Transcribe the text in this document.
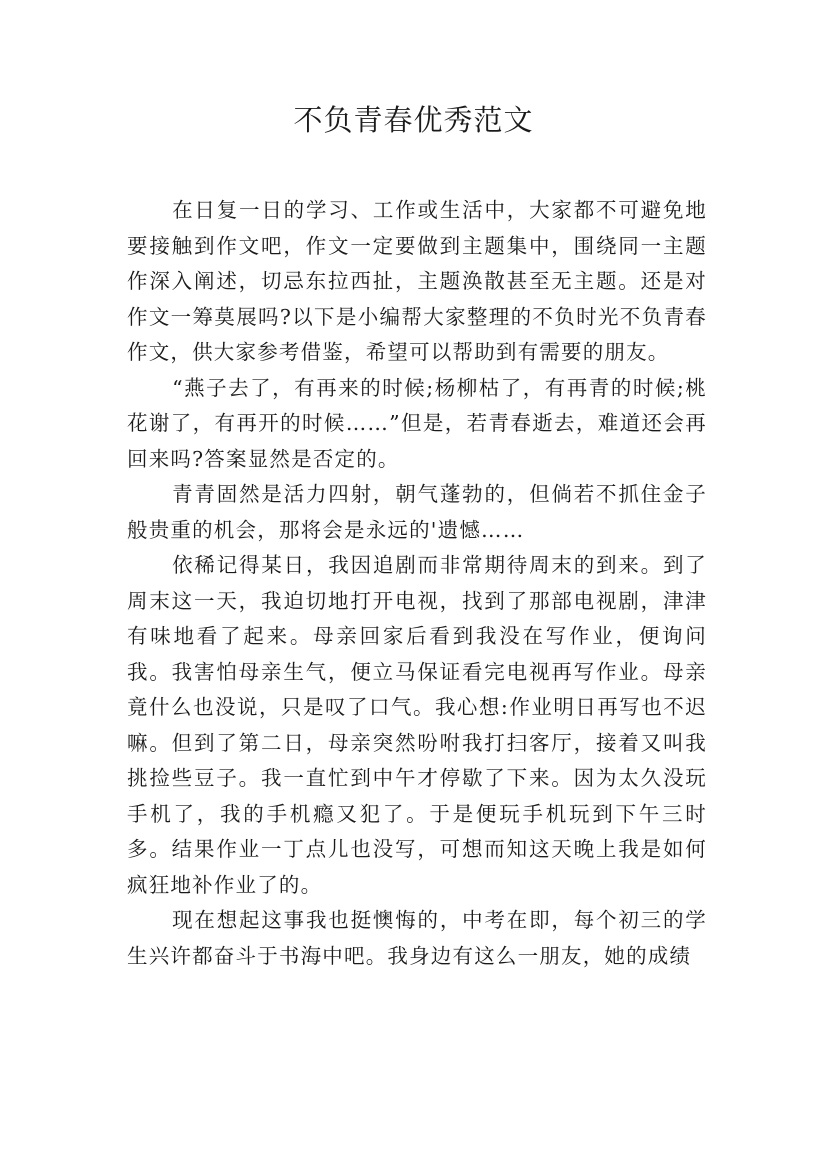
不负青春优秀范文

在日复一日的学习、工作或生活中，大家都不可避免地要接触到作文吧，作文一定要做到主题集中，围绕同一主题作深入阐述，切忌东拉西扯，主题涣散甚至无主题。还是对作文一筹莫展吗?以下是小编帮大家整理的不负时光不负青春作文，供大家参考借鉴，希望可以帮助到有需要的朋友。

“燕子去了，有再来的时候;杨柳枯了，有再青的时候;桃花谢了，有再开的时候……”但是，若青春逝去，难道还会再回来吗?答案显然是否定的。

青青固然是活力四射，朝气蓬勃的，但倘若不抓住金子般贵重的机会，那将会是永远的'遗憾……

依稀记得某日，我因追剧而非常期待周末的到来。到了周末这一天，我迫切地打开电视，找到了那部电视剧，津津有味地看了起来。母亲回家后看到我没在写作业，便询问我。我害怕母亲生气，便立马保证看完电视再写作业。母亲竟什么也没说，只是叹了口气。我心想:作业明日再写也不迟嘛。但到了第二日，母亲突然吩咐我打扫客厅，接着又叫我挑捡些豆子。我一直忙到中午才停歇了下来。因为太久没玩手机了，我的手机瘾又犯了。于是便玩手机玩到下午三时多。结果作业一丁点儿也没写，可想而知这天晚上我是如何疯狂地补作业了的。

现在想起这事我也挺懊悔的，中考在即，每个初三的学生兴许都奋斗于书海中吧。我身边有这么一朋友，她的成绩
